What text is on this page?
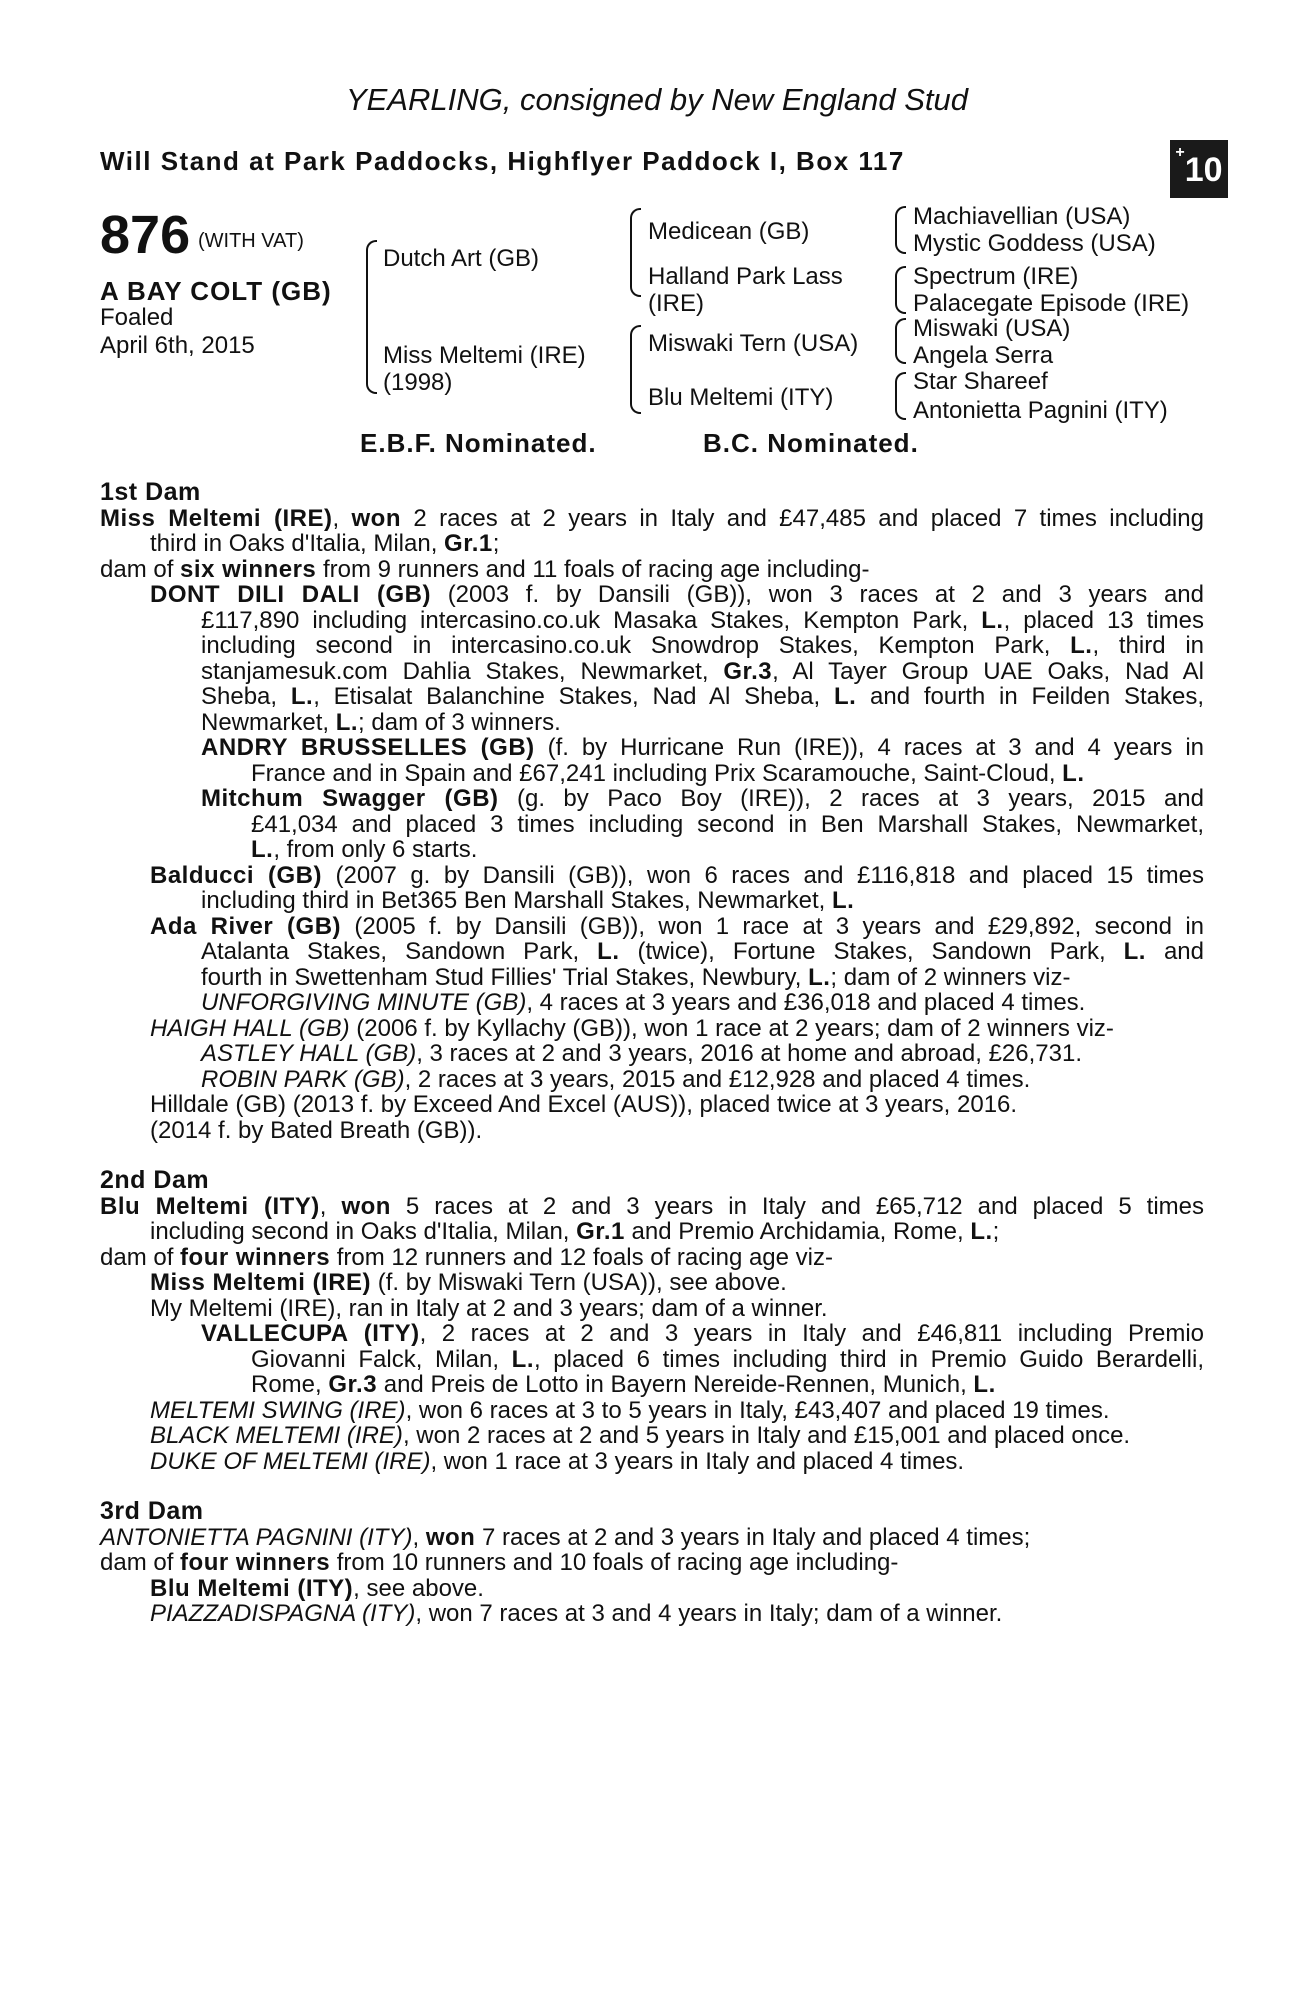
YEARLING, consigned by New England Stud
Will Stand at Park Paddocks, Highflyer Paddock I, Box 117	+10
876 (WITH VAT)
A BAY COLT (GB)
Foaled
April 6th, 2015
Dutch Art (GB)
Miss Meltemi (IRE)
(1998)
Medicean (GB)
Halland Park Lass
(IRE)
Miswaki Tern (USA)
Blu Meltemi (ITY)
Machiavellian (USA)
Mystic Goddess (USA)
Spectrum (IRE)
Palacegate Episode (IRE)
Miswaki (USA)
Angela Serra
Star Shareef
Antonietta Pagnini (ITY)
E.B.F. Nominated.	B.C. Nominated.
1st Dam
Miss Meltemi (IRE), won 2 races at 2 years in Italy and £47,485 and placed 7 times including
third in Oaks d'Italia, Milan, Gr.1;
dam of six winners from 9 runners and 11 foals of racing age including-
DONT DILI DALI (GB) (2003 f. by Dansili (GB)), won 3 races at 2 and 3 years and
£117,890 including intercasino.co.uk Masaka Stakes, Kempton Park, L., placed 13 times
including second in intercasino.co.uk Snowdrop Stakes, Kempton Park, L., third in
stanjamesuk.com Dahlia Stakes, Newmarket, Gr.3, Al Tayer Group UAE Oaks, Nad Al
Sheba, L., Etisalat Balanchine Stakes, Nad Al Sheba, L. and fourth in Feilden Stakes,
Newmarket, L.; dam of 3 winners.
ANDRY BRUSSELLES (GB) (f. by Hurricane Run (IRE)), 4 races at 3 and 4 years in
France and in Spain and £67,241 including Prix Scaramouche, Saint-Cloud, L.
Mitchum Swagger (GB) (g. by Paco Boy (IRE)), 2 races at 3 years, 2015 and
£41,034 and placed 3 times including second in Ben Marshall Stakes, Newmarket,
L., from only 6 starts.
Balducci (GB) (2007 g. by Dansili (GB)), won 6 races and £116,818 and placed 15 times
including third in Bet365 Ben Marshall Stakes, Newmarket, L.
Ada River (GB) (2005 f. by Dansili (GB)), won 1 race at 3 years and £29,892, second in
Atalanta Stakes, Sandown Park, L. (twice), Fortune Stakes, Sandown Park, L. and
fourth in Swettenham Stud Fillies' Trial Stakes, Newbury, L.; dam of 2 winners viz-
UNFORGIVING MINUTE (GB), 4 races at 3 years and £36,018 and placed 4 times.
HAIGH HALL (GB) (2006 f. by Kyllachy (GB)), won 1 race at 2 years; dam of 2 winners viz-
ASTLEY HALL (GB), 3 races at 2 and 3 years, 2016 at home and abroad, £26,731.
ROBIN PARK (GB), 2 races at 3 years, 2015 and £12,928 and placed 4 times.
Hilldale (GB) (2013 f. by Exceed And Excel (AUS)), placed twice at 3 years, 2016.
(2014 f. by Bated Breath (GB)).
2nd Dam
Blu Meltemi (ITY), won 5 races at 2 and 3 years in Italy and £65,712 and placed 5 times
including second in Oaks d'Italia, Milan, Gr.1 and Premio Archidamia, Rome, L.;
dam of four winners from 12 runners and 12 foals of racing age viz-
Miss Meltemi (IRE) (f. by Miswaki Tern (USA)), see above.
My Meltemi (IRE), ran in Italy at 2 and 3 years; dam of a winner.
VALLECUPA (ITY), 2 races at 2 and 3 years in Italy and £46,811 including Premio
Giovanni Falck, Milan, L., placed 6 times including third in Premio Guido Berardelli,
Rome, Gr.3 and Preis de Lotto in Bayern Nereide-Rennen, Munich, L.
MELTEMI SWING (IRE), won 6 races at 3 to 5 years in Italy, £43,407 and placed 19 times.
BLACK MELTEMI (IRE), won 2 races at 2 and 5 years in Italy and £15,001 and placed once.
DUKE OF MELTEMI (IRE), won 1 race at 3 years in Italy and placed 4 times.
3rd Dam
ANTONIETTA PAGNINI (ITY), won 7 races at 2 and 3 years in Italy and placed 4 times;
dam of four winners from 10 runners and 10 foals of racing age including-
Blu Meltemi (ITY), see above.
PIAZZADISPAGNA (ITY), won 7 races at 3 and 4 years in Italy; dam of a winner.
